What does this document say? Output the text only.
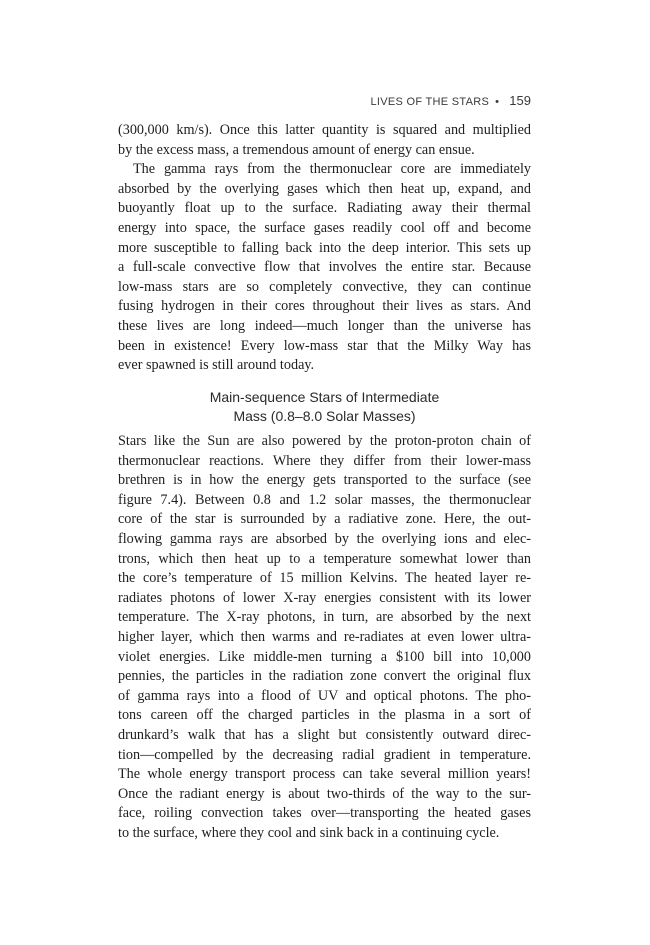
LIVES OF THE STARS • 159
(300,000 km/s). Once this latter quantity is squared and multiplied
by the excess mass, a tremendous amount of energy can ensue.
The gamma rays from the thermonuclear core are immediately
absorbed by the overlying gases which then heat up, expand, and
buoyantly float up to the surface. Radiating away their thermal
energy into space, the surface gases readily cool off and become
more susceptible to falling back into the deep interior. This sets up
a full-scale convective flow that involves the entire star. Because
low-mass stars are so completely convective, they can continue
fusing hydrogen in their cores throughout their lives as stars. And
these lives are long indeed—much longer than the universe has
been in existence! Every low-mass star that the Milky Way has
ever spawned is still around today.
Main-sequence Stars of Intermediate
Mass (0.8–8.0 Solar Masses)
Stars like the Sun are also powered by the proton-proton chain of
thermonuclear reactions. Where they differ from their lower-mass
brethren is in how the energy gets transported to the surface (see
figure 7.4). Between 0.8 and 1.2 solar masses, the thermonuclear
core of the star is surrounded by a radiative zone. Here, the out-
flowing gamma rays are absorbed by the overlying ions and elec-
trons, which then heat up to a temperature somewhat lower than
the core’s temperature of 15 million Kelvins. The heated layer re-
radiates photons of lower X-ray energies consistent with its lower
temperature. The X-ray photons, in turn, are absorbed by the next
higher layer, which then warms and re-radiates at even lower ultra-
violet energies. Like middle-men turning a $100 bill into 10,000
pennies, the particles in the radiation zone convert the original flux
of gamma rays into a flood of UV and optical photons. The pho-
tons careen off the charged particles in the plasma in a sort of
drunkard’s walk that has a slight but consistently outward direc-
tion—compelled by the decreasing radial gradient in temperature.
The whole energy transport process can take several million years!
Once the radiant energy is about two-thirds of the way to the sur-
face, roiling convection takes over—transporting the heated gases
to the surface, where they cool and sink back in a continuing cycle.
